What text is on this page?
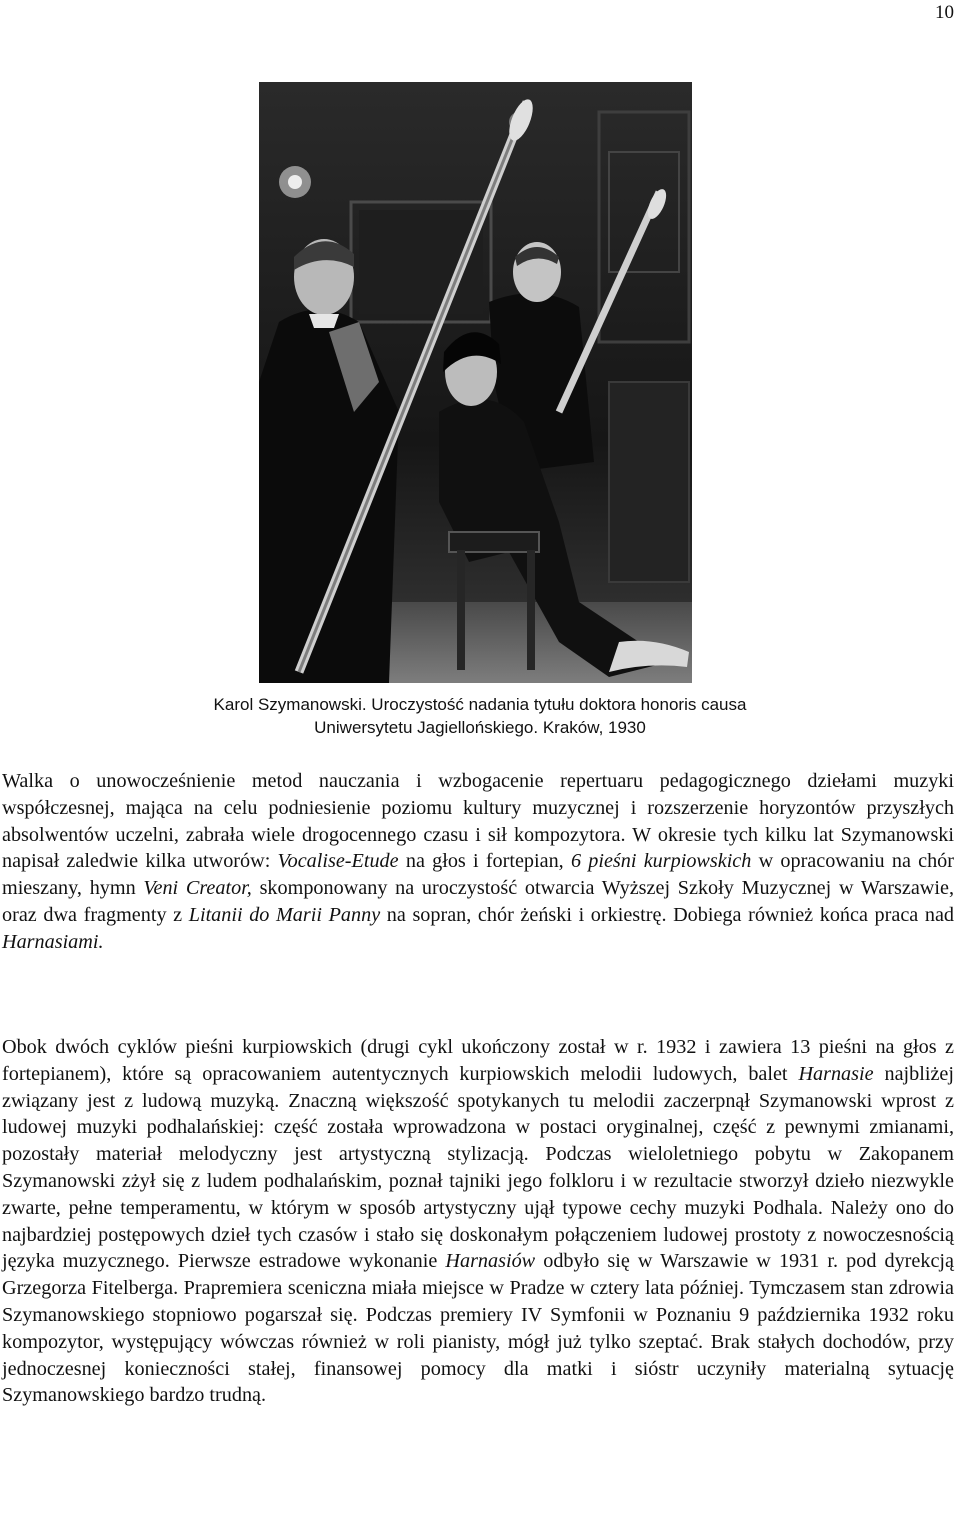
10
Karol Szymanowski. Uroczystość nadania tytułu doktora honoris causa
Uniwersytetu Jagiellońskiego. Kraków, 1930
Walka o unowocześnienie metod nauczania i wzbogacenie repertuaru pedagogicznego dziełami muzyki współczesnej, mająca na celu podniesienie poziomu kultury muzycznej i rozszerzenie horyzontów przyszłych absolwentów uczelni, zabrała wiele drogocennego czasu i sił kompozytora. W okresie tych kilku lat Szymanowski napisał zaledwie kilka utworów: Vocalise-Etude na głos i fortepian, 6 pieśni kurpiowskich w opracowaniu na chór mieszany, hymn Veni Creator, skomponowany na uroczystość otwarcia Wyższej Szkoły Muzycznej w Warszawie, oraz dwa fragmenty z Litanii do Marii Panny na sopran, chór żeński i orkiestrę. Dobiega również końca praca nad Harnasiami.
Obok dwóch cyklów pieśni kurpiowskich (drugi cykl ukończony został w r. 1932 i zawiera 13 pieśni na głos z fortepianem), które są opracowaniem autentycznych kurpiowskich melodii ludowych, balet Harnasie najbliżej związany jest z ludową muzyką. Znaczną większość spotykanych tu melodii zaczerpnął Szymanowski wprost z ludowej muzyki podhalańskiej: część została wprowadzona w postaci oryginalnej, część z pewnymi zmianami, pozostały materiał melodyczny jest artystyczną stylizacją. Podczas wieloletniego pobytu w Zakopanem Szymanowski zżył się z ludem podhalańskim, poznał tajniki jego folkloru i w rezultacie stworzył dzieło niezwykle zwarte, pełne temperamentu, w którym w sposób artystyczny ujął typowe cechy muzyki Podhala. Należy ono do najbardziej postępowych dzieł tych czasów i stało się doskonałym połączeniem ludowej prostoty z nowoczesnością języka muzycznego. Pierwsze estradowe wykonanie Harnasiów odbyło się w Warszawie w 1931 r. pod dyrekcją Grzegorza Fitelberga. Prapremiera sceniczna miała miejsce w Pradze w cztery lata później. Tymczasem stan zdrowia Szymanowskiego stopniowo pogarszał się. Podczas premiery IV Symfonii w Poznaniu 9 października 1932 roku kompozytor, występujący wówczas również w roli pianisty, mógł już tylko szeptać. Brak stałych dochodów, przy jednoczesnej konieczności stałej, finansowej pomocy dla matki i sióstr uczyniły materialną sytuację Szymanowskiego bardzo trudną.
